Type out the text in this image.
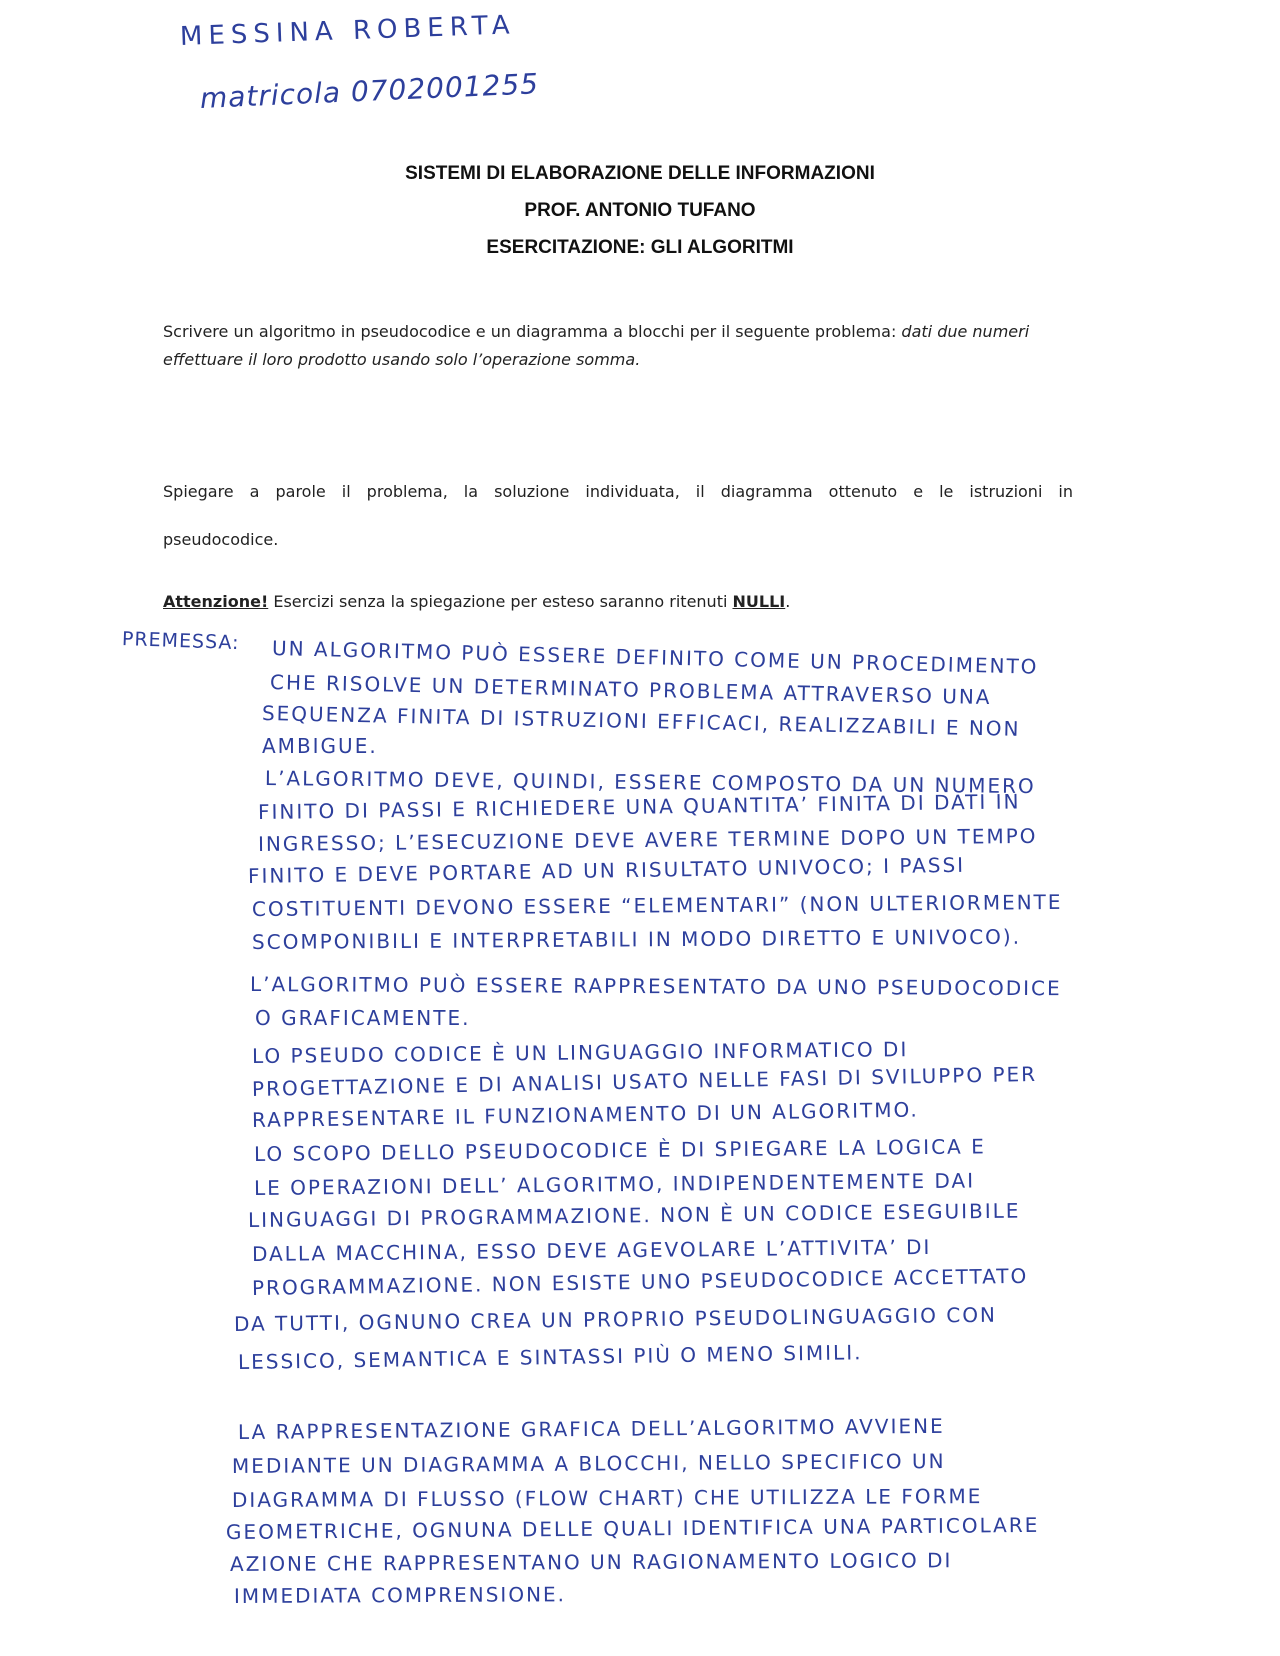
MESSINA ROBERTA
matricola 0702001255
SISTEMI DI ELABORAZIONE DELLE INFORMAZIONI
PROF. ANTONIO TUFANO
ESERCITAZIONE: GLI ALGORITMI
Scrivere un algoritmo in pseudocodice e un diagramma a blocchi per il seguente problema: dati due numeri effettuare il loro prodotto usando solo l’operazione somma.
Spiegare a parole il problema, la soluzione individuata, il diagramma ottenuto e le istruzioni in pseudocodice.
Attenzione! Esercizi senza la spiegazione per esteso saranno ritenuti NULLI.
PREMESSA: UN ALGORITMO PUÒ ESSERE DEFINITO COME UN PROCEDIMENTO
CHE RISOLVE UN DETERMINATO PROBLEMA ATTRAVERSO UNA
SEQUENZA FINITA DI ISTRUZIONI EFFICACI, REALIZZABILI E NON
AMBIGUE.
L’ALGORITMO DEVE, QUINDI, ESSERE COMPOSTO DA UN NUMERO
FINITO DI PASSI E RICHIEDERE UNA QUANTITA’ FINITA DI DATI IN
INGRESSO; L’ESECUZIONE DEVE AVERE TERMINE DOPO UN TEMPO
FINITO E DEVE PORTARE AD UN RISULTATO UNIVOCO; I PASSI
COSTITUENTI DEVONO ESSERE “ELEMENTARI” (NON ULTERIORMENTE
SCOMPONIBILI E INTERPRETABILI IN MODO DIRETTO E UNIVOCO).
L’ALGORITMO PUÒ ESSERE RAPPRESENTATO DA UNO PSEUDOCODICE
O GRAFICAMENTE.
LO PSEUDO CODICE È UN LINGUAGGIO INFORMATICO DI
PROGETTAZIONE E DI ANALISI USATO NELLE FASI DI SVILUPPO PER
RAPPRESENTARE IL FUNZIONAMENTO DI UN ALGORITMO.
LO SCOPO DELLO PSEUDOCODICE È DI SPIEGARE LA LOGICA E
LE OPERAZIONI DELL’ ALGORITMO, INDIPENDENTEMENTE DAI
LINGUAGGI DI PROGRAMMAZIONE. NON È UN CODICE ESEGUIBILE
DALLA MACCHINA, ESSO DEVE AGEVOLARE L’ATTIVITA’ DI
PROGRAMMAZIONE. NON ESISTE UNO PSEUDOCODICE ACCETTATO
DA TUTTI, OGNUNO CREA UN PROPRIO PSEUDOLINGUAGGIO CON
LESSICO, SEMANTICA E SINTASSI PIÙ O MENO SIMILI.
LA RAPPRESENTAZIONE GRAFICA DELL’ALGORITMO AVVIENE
MEDIANTE UN DIAGRAMMA A BLOCCHI, NELLO SPECIFICO UN
DIAGRAMMA DI FLUSSO (FLOW CHART) CHE UTILIZZA LE FORME
GEOMETRICHE, OGNUNA DELLE QUALI IDENTIFICA UNA PARTICOLARE
AZIONE CHE RAPPRESENTANO UN RAGIONAMENTO LOGICO DI
IMMEDIATA COMPRENSIONE.
